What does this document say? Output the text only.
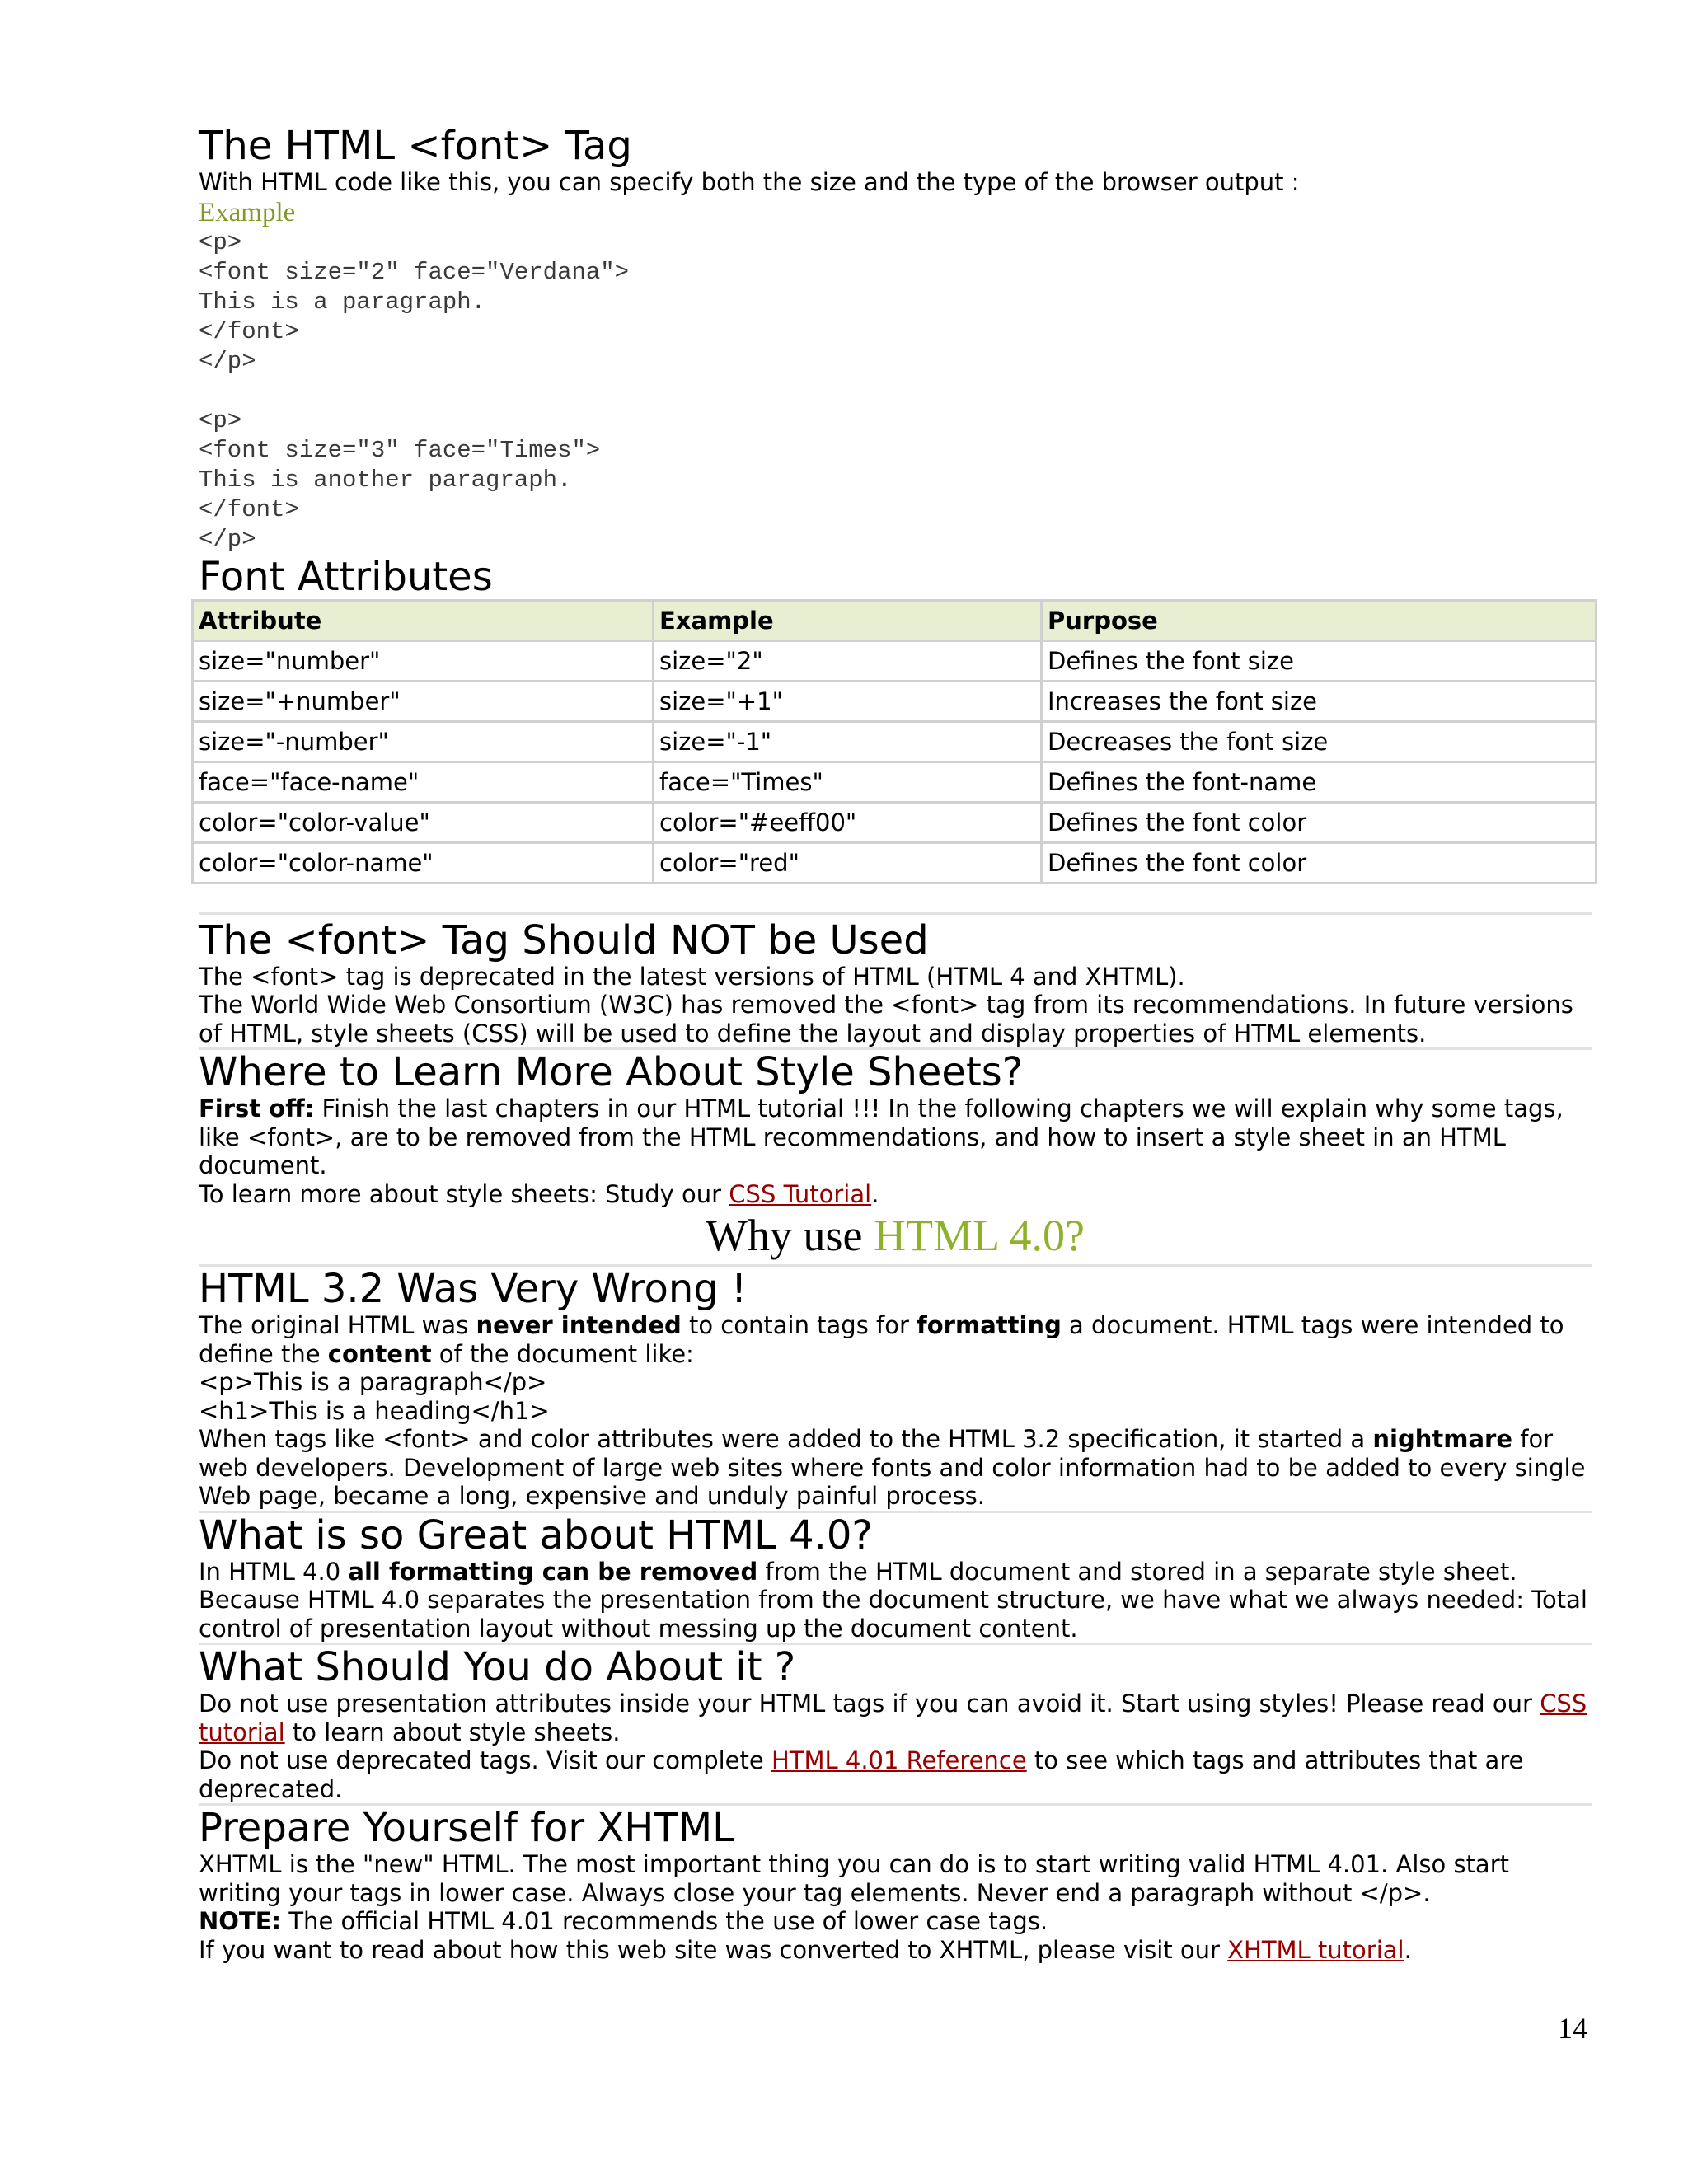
The HTML <font> Tag
With HTML code like this, you can specify both the size and the type of the browser output :
Example
<p>
<font size="2" face="Verdana">
This is a paragraph.
</font>
</p>

<p>
<font size="3" face="Times">
This is another paragraph.
</font>
</p>
Font Attributes
Attribute	Example	Purpose
size="number"	size="2"	Defines the font size
size="+number"	size="+1"	Increases the font size
size="-number"	size="-1"	Decreases the font size
face="face-name"	face="Times"	Defines the font-name
color="color-value"	color="#eeff00"	Defines the font color
color="color-name"	color="red"	Defines the font color
The <font> Tag Should NOT be Used

The <font> tag is deprecated in the latest versions of HTML (HTML 4 and XHTML).

The World Wide Web Consortium (W3C) has removed the <font> tag from its recommendations. In future versions of HTML, style sheets (CSS) will be used to define the layout and display properties of HTML elements.

Where to Learn More About Style Sheets?

First off: Finish the last chapters in our HTML tutorial !!! In the following chapters we will explain why some tags, like <font>, are to be removed from the HTML recommendations, and how to insert a style sheet in an HTML document.

To learn more about style sheets: Study our CSS Tutorial.

Why use HTML 4.0?
HTML 3.2 Was Very Wrong !

The original HTML was never intended to contain tags for formatting a document. HTML tags were intended to define the content of the document like:

<p>This is a paragraph</p>

<h1>This is a heading</h1>

When tags like <font> and color attributes were added to the HTML 3.2 specification, it started a nightmare for web developers. Development of large web sites where fonts and color information had to be added to every single Web page, became a long, expensive and unduly painful process.

What is so Great about HTML 4.0?

In HTML 4.0 all formatting can be removed from the HTML document and stored in a separate style sheet.

Because HTML 4.0 separates the presentation from the document structure, we have what we always needed: Total control of presentation layout without messing up the document content.

What Should You do About it ?

Do not use presentation attributes inside your HTML tags if you can avoid it. Start using styles! Please read our CSS tutorial to learn about style sheets.

Do not use deprecated tags. Visit our complete HTML 4.01 Reference to see which tags and attributes that are deprecated.

Prepare Yourself for XHTML

XHTML is the "new" HTML. The most important thing you can do is to start writing valid HTML 4.01. Also start writing your tags in lower case. Always close your tag elements. Never end a paragraph without </p>.

NOTE: The official HTML 4.01 recommends the use of lower case tags.

If you want to read about how this web site was converted to XHTML, please visit our XHTML tutorial.

14
